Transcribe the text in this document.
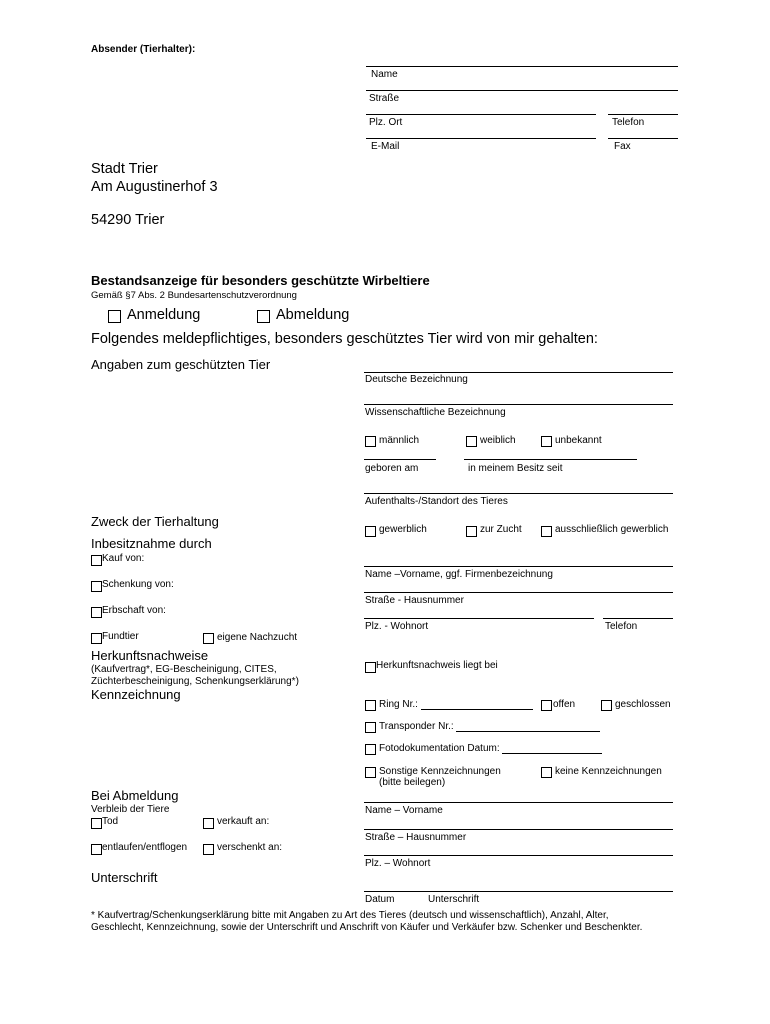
Absender (Tierhalter):
Name
Straße
Plz. Ort	Telefon
E-Mail	Fax
Stadt Trier
Am Augustinerhof 3
54290 Trier
Bestandsanzeige für besonders geschützte Wirbeltiere
Gemäß §7 Abs. 2 Bundesartenschutzverordnung
Anmeldung	Abmeldung
Folgendes meldepflichtiges, besonders geschütztes Tier wird von mir gehalten:
Angaben zum geschützten Tier
Deutsche Bezeichnung
Wissenschaftliche Bezeichnung
männlich	weiblich	unbekannt
geboren am	in meinem Besitz seit
Aufenthalts-/Standort des Tieres
Zweck der Tierhaltung
gewerblich	zur Zucht	ausschließlich gewerblich
Inbesitznahme durch
Kauf von:
Name –Vorname, ggf. Firmenbezeichnung
Schenkung von:
Straße - Hausnummer
Erbschaft von:
Plz. - Wohnort	Telefon
Fundtier	eigene Nachzucht
Herkunftsnachweise
(Kaufvertrag*, EG-Bescheinigung, CITES,
Züchterbescheinigung, Schenkungserklärung*)
Herkunftsnachweis liegt bei
Kennzeichnung
Ring Nr.:	offen	geschlossen
Transponder Nr.:
Fotodokumentation Datum:
Sonstige Kennzeichnungen
(bitte beilegen)
keine Kennzeichnungen
Bei Abmeldung
Verbleib der Tiere	Name – Vorname
Tod	verkauft an:
Straße – Hausnummer
entlaufen/entflogen	verschenkt an:
Plz. – Wohnort
Unterschrift
Datum	Unterschrift
* Kaufvertrag/Schenkungserklärung bitte mit Angaben zu Art des Tieres (deutsch und wissenschaftlich), Anzahl, Alter,
Geschlecht, Kennzeichnung, sowie der Unterschrift und Anschrift von Käufer und Verkäufer bzw. Schenker und Beschenkter.
